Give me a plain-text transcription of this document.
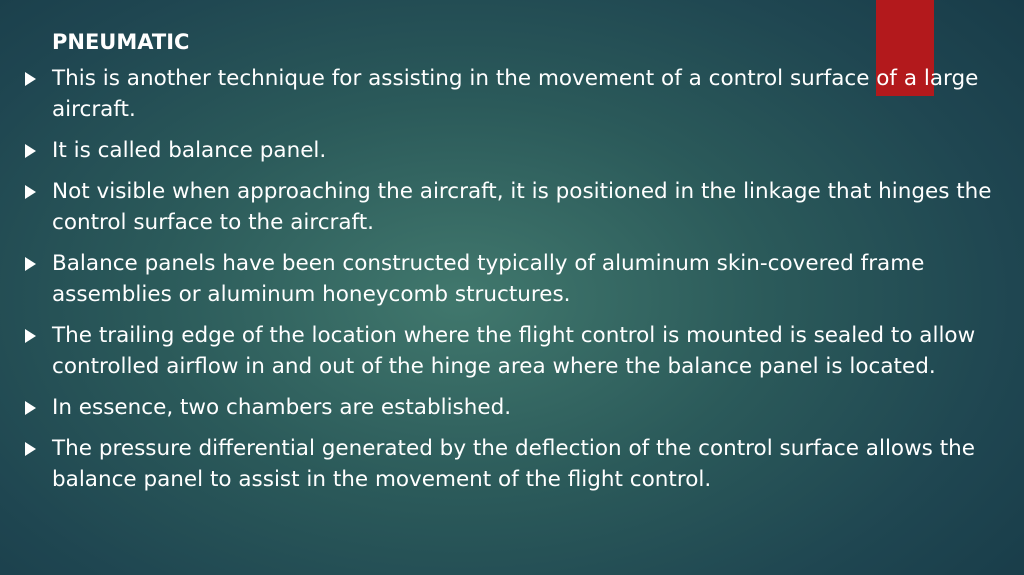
PNEUMATIC
This is another technique for assisting in the movement of a control surface of a large aircraft.
It is called balance panel.
Not visible when approaching the aircraft, it is positioned in the linkage that hinges the control surface to the aircraft.
Balance panels have been constructed typically of aluminum skin-covered frame assemblies or aluminum honeycomb structures.
The trailing edge of the location where the flight control is mounted is sealed to allow controlled airflow in and out of the hinge area where the balance panel is located.
In essence, two chambers are established.
The pressure differential generated by the deflection of the control surface allows the balance panel to assist in the movement of the flight control.
